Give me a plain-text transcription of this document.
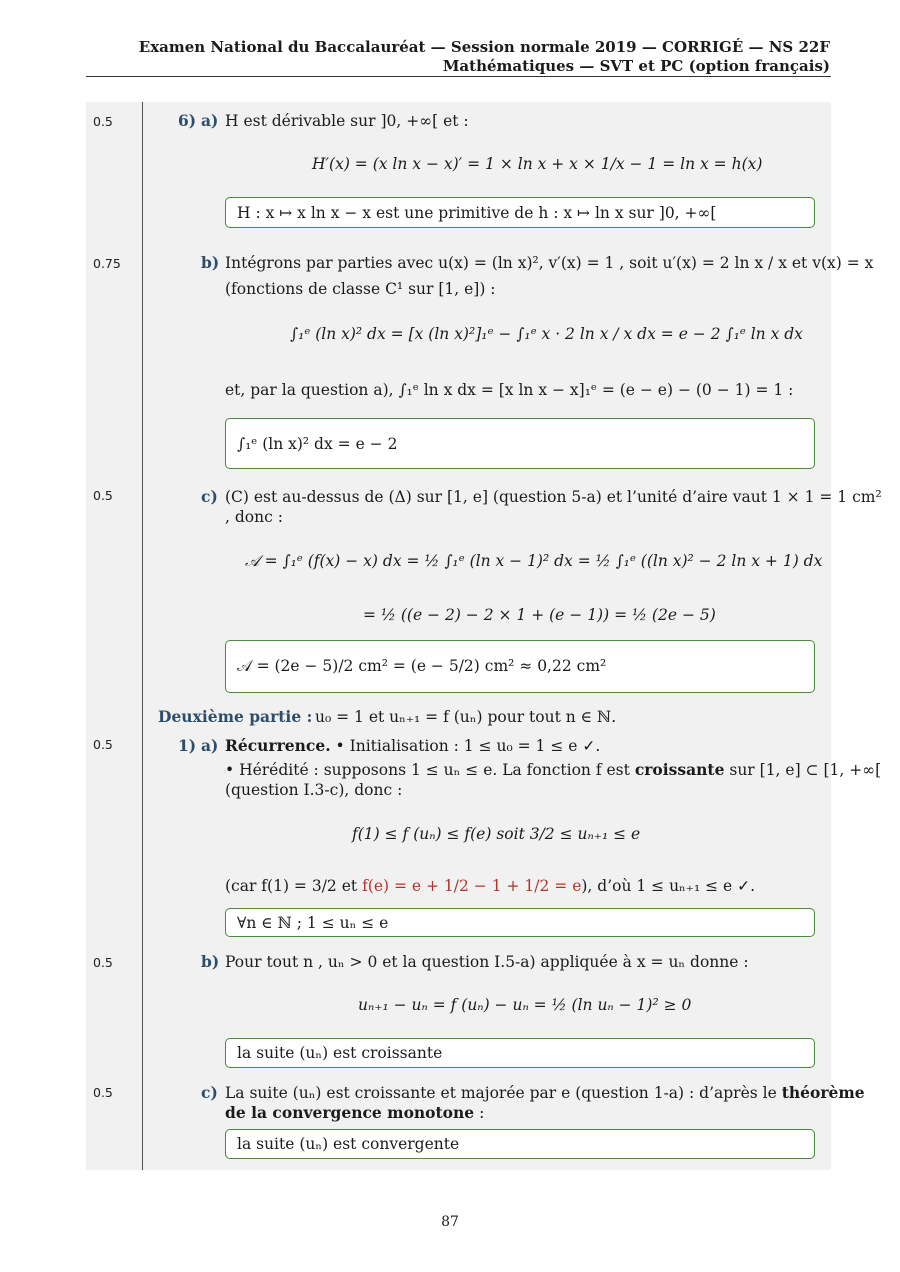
Examen National du Baccalauréat — Session normale 2019 — CORRIGÉ — NS 22F
Mathématiques — SVT et PC (option français)
0.5
0.75
0.5
0.5
0.5
0.5
6) a) H est dérivable sur ]0, +∞[ et :
H′(x) = (x ln x − x)′ = 1 × ln x + x × 1/x − 1 = ln x = h(x)
H : x ↦ x ln x − x est une primitive de h : x ↦ ln x sur ]0, +∞[
b) Intégrons par parties avec u(x) = (ln x)², v′(x) = 1 , soit u′(x) = 2 ln x / x et v(x) = x
(fonctions de classe C¹ sur [1, e]) :
∫₁ᵉ (ln x)² dx = [x (ln x)²]₁ᵉ − ∫₁ᵉ x · 2 ln x / x dx = e − 2 ∫₁ᵉ ln x dx
et, par la question a), ∫₁ᵉ ln x dx = [x ln x − x]₁ᵉ = (e − e) − (0 − 1) = 1 :
∫₁ᵉ (ln x)² dx = e − 2
c) (C) est au-dessus de (Δ) sur [1, e] (question 5-a) et l’unité d’aire vaut 1 × 1 = 1 cm²
, donc :
𝒜 = ∫₁ᵉ (f(x) − x) dx = ½ ∫₁ᵉ (ln x − 1)² dx = ½ ∫₁ᵉ ((ln x)² − 2 ln x + 1) dx
= ½ ((e − 2) − 2 × 1 + (e − 1)) = ½ (2e − 5)
𝒜 = (2e − 5)/2 cm² = (e − 5/2) cm² ≈ 0,22 cm²
Deuxième partie : u₀ = 1 et uₙ₊₁ = f (uₙ) pour tout n ∈ ℕ.
1) a) Récurrence. • Initialisation : 1 ≤ u₀ = 1 ≤ e ✓.
• Hérédité : supposons 1 ≤ uₙ ≤ e. La fonction f est croissante sur [1, e] ⊂ [1, +∞[
(question I.3-c), donc :
f(1) ≤ f (uₙ) ≤ f(e) soit 3/2 ≤ uₙ₊₁ ≤ e
(car f(1) = 3/2 et f(e) = e + 1/2 − 1 + 1/2 = e), d’où 1 ≤ uₙ₊₁ ≤ e ✓.
∀n ∈ ℕ ; 1 ≤ uₙ ≤ e
b) Pour tout n , uₙ > 0 et la question I.5-a) appliquée à x = uₙ donne :
uₙ₊₁ − uₙ = f (uₙ) − uₙ = ½ (ln uₙ − 1)² ≥ 0
la suite (uₙ) est croissante
c) La suite (uₙ) est croissante et majorée par e (question 1-a) : d’après le théorème
de la convergence monotone :
la suite (uₙ) est convergente
87
